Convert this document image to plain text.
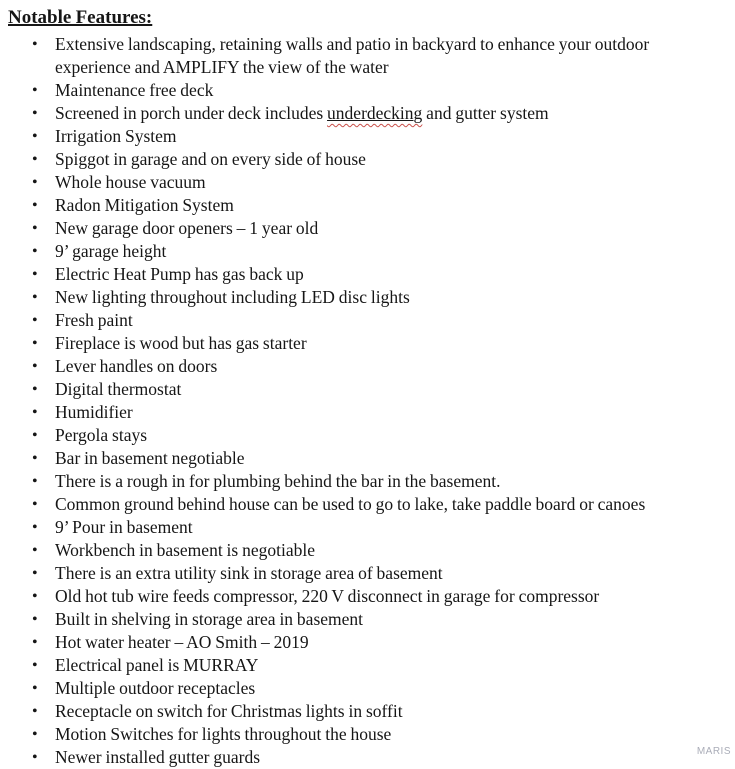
Notable Features:
• Extensive landscaping, retaining walls and patio in backyard to enhance your outdoor experience and AMPLIFY the view of the water
• Maintenance free deck
• Screened in porch under deck includes underdecking and gutter system
• Irrigation System
• Spiggot in garage and on every side of house
• Whole house vacuum
• Radon Mitigation System
• New garage door openers – 1 year old
• 9’ garage height
• Electric Heat Pump has gas back up
• New lighting throughout including LED disc lights
• Fresh paint
• Fireplace is wood but has gas starter
• Lever handles on doors
• Digital thermostat
• Humidifier
• Pergola stays
• Bar in basement negotiable
• There is a rough in for plumbing behind the bar in the basement.
• Common ground behind house can be used to go to lake, take paddle board or canoes
• 9’ Pour in basement
• Workbench in basement is negotiable
• There is an extra utility sink in storage area of basement
• Old hot tub wire feeds compressor, 220 V disconnect in garage for compressor
• Built in shelving in storage area in basement
• Hot water heater – AO Smith – 2019
• Electrical panel is MURRAY
• Multiple outdoor receptacles
• Receptacle on switch for Christmas lights in soffit
• Motion Switches for lights throughout the house
• Newer installed gutter guards	MARIS
